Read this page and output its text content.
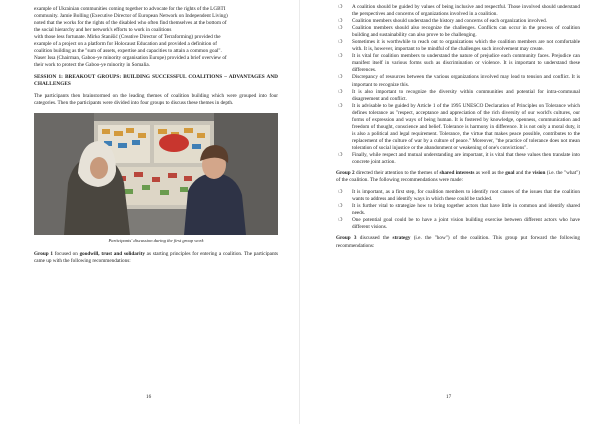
example of Ukrainian communities coming together to advocate for the rights of the LGBTI

community. Jamie Bolling (Executive Director of European Network on Independent Living)

noted that the works for the rights of the disabled who often find themselves at the bottom of

the social hierarchy and her network's efforts to work in coalitions

with those less fortunate. Mirko Stanišić (Creative Director of Terraforming) provided the

example of a project on a platform for Holocaust Education and provided a definition of

coalition building as the "sum of assets, expertise and capacities to attain a common goal".

Naser Issa (Chairman, Gaboo-ye minority organisation Europe) provided a brief overview of

their work to protect the Gaboo-ye minority in Somalia.

SESSION 1: BREAKOUT GROUPS: BUILDING SUCCESSFUL COALITIONS – ADVANTAGES AND CHALLENGES

The participants then brainstormed on the leading themes of coalition building which were grouped into four categories. Then the participants were divided into four groups to discuss these themes in depth.

Participants' discussion during the first group work

Group 1 focused on goodwill, trust and solidarity as starting principles for entering a coalition. The participants came up with the following recommendations:

16
❍ A coalition should be guided by values of being inclusive and respectful. Those involved should understand the perspectives and concerns of organizations involved in a coalition.
❍ Coalition members should understand the history and concerns of each organization involved.
❍ Coalition members should also recognize the challenges. Conflicts can occur in the process of coalition building and sustainability can also prove to be challenging.
❍ Sometimes it is worthwhile to reach out to organizations which the coalition members are not comfortable with. It is, however, important to be mindful of the challenges such involvement may create.
❍ It is vital for coalition members to understand the nature of prejudice each community faces. Prejudice can manifest itself in various forms such as discrimination or violence. It is important to understand these differences.
❍ Discrepancy of resources between the various organizations involved may lead to tension and conflict. It is important to recognize this.
❍ It is also important to recognize the diversity within communities and potential for intra-communal disagreement and conflict.
❍ It is advisable to be guided by Article 1 of the 1995 UNESCO Declaration of Principles on Tolerance which defines tolerance as "respect, acceptance and appreciation of the rich diversity of our world's cultures, our forms of expression and ways of being human. It is fostered by knowledge, openness, communication and freedom of thought, conscience and belief. Tolerance is harmony in difference. It is not only a moral duty, it is also a political and legal requirement. Tolerance, the virtue that makes peace possible, contributes to the replacement of the culture of war by a culture of peace." Moreover, "the practice of tolerance does not mean toleration of social injustice or the abandonment or weakening of one's convictions".
❍ Finally, while respect and mutual understanding are important, it is vital that these values then translate into concrete joint action.

Group 2 directed their attention to the themes of shared interests as well as the goal and the vision (i.e. the "what") of the coalition. The following recommendations were made:

❍ It is important, as a first step, for coalition members to identify root causes of the issues that the coalition wants to address and identify ways in which these could be tackled.
❍ It is further vital to strategize how to bring together actors that have little in common and identify shared needs.
❍ One potential goal could be to have a joint vision building exercise between different actors who have different visions.

Group 3 discussed the strategy (i.e. the "how") of the coalition. This group put forward the following recommendations:

17
